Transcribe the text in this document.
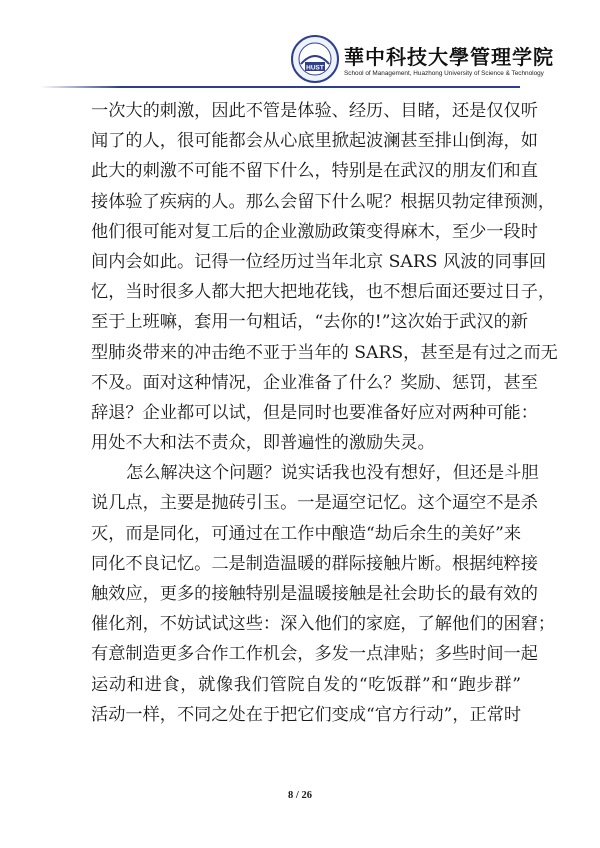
HUST 華中科技大學管理学院
School of Management, Huazhong University of Science & Technology
一次大的刺激，因此不管是体验、经历、目睹，还是仅仅听
闻了的人，很可能都会从心底里掀起波澜甚至排山倒海，如
此大的刺激不可能不留下什么，特别是在武汉的朋友们和直
接体验了疾病的人。那么会留下什么呢？根据贝勃定律预测，
他们很可能对复工后的企业激励政策变得麻木，至少一段时
间内会如此。记得一位经历过当年北京 SARS 风波的同事回
忆，当时很多人都大把大把地花钱，也不想后面还要过日子，
至于上班嘛，套用一句粗话，“去你的!”这次始于武汉的新
型肺炎带来的冲击绝不亚于当年的 SARS，甚至是有过之而无
不及。面对这种情况，企业准备了什么？奖励、惩罚，甚至
辞退？企业都可以试，但是同时也要准备好应对两种可能：
用处不大和法不责众，即普遍性的激励失灵。
怎么解决这个问题？说实话我也没有想好，但还是斗胆
说几点，主要是抛砖引玉。一是逼空记忆。这个逼空不是杀
灭，而是同化，可通过在工作中酿造“劫后余生的美好”来
同化不良记忆。二是制造温暖的群际接触片断。根据纯粹接
触效应，更多的接触特别是温暖接触是社会助长的最有效的
催化剂，不妨试试这些：深入他们的家庭，了解他们的困窘；
有意制造更多合作工作机会，多发一点津贴；多些时间一起
运动和进食，就像我们管院自发的“吃饭群”和“跑步群”
活动一样，不同之处在于把它们变成“官方行动”，正常时
8 / 26
